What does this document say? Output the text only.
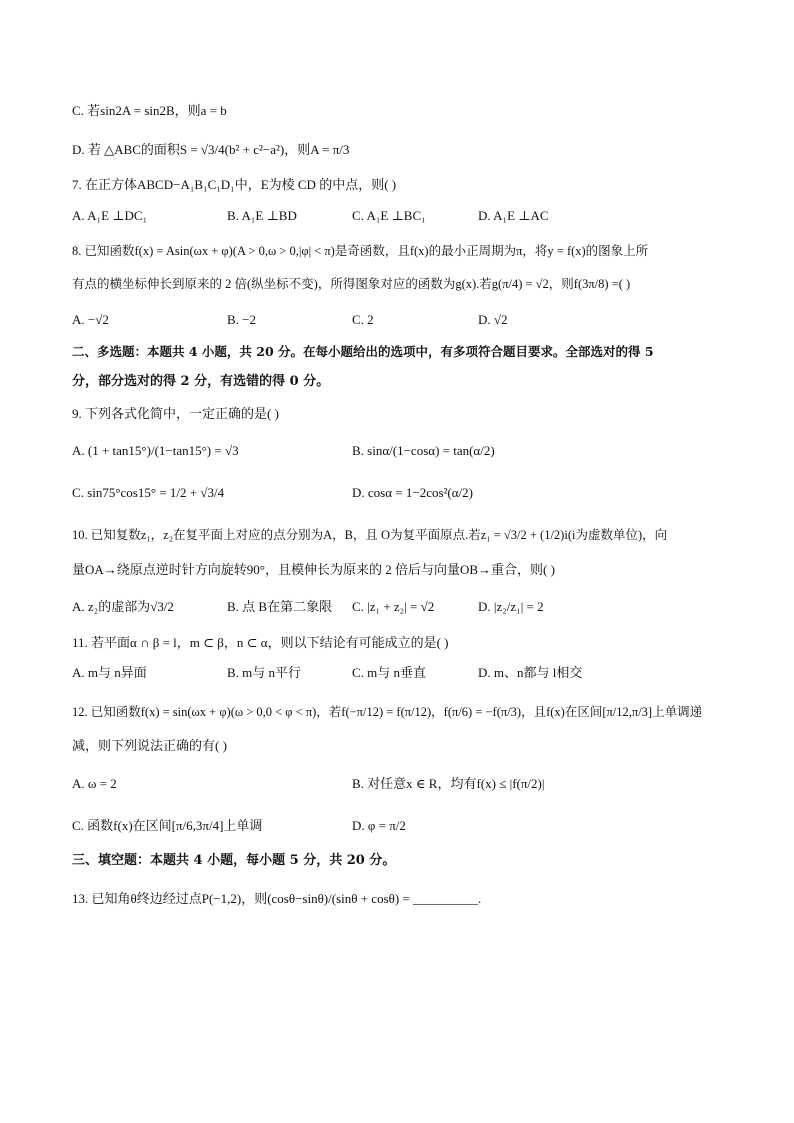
C. 若sin2A = sin2B，则a = b
D. 若 △ABC的面积S = √3/4(b² + c²−a²)，则A = π/3
7. 在正方体ABCD−A₁B₁C₁D₁中，E为棱 CD 的中点，则( )
A. A₁E ⊥DC₁	B. A₁E ⊥BD	C. A₁E ⊥BC₁	D. A₁E ⊥AC
8. 已知函数f(x) = Asin(ωx + φ)(A > 0,ω > 0,|φ| < π)是奇函数，且f(x)的最小正周期为π，将y = f(x)的图象上所
有点的横坐标伸长到原来的 2 倍(纵坐标不变)，所得图象对应的函数为g(x).若g(π/4) = √2，则f(3π/8) =( )
A. −√2	B. −2	C. 2	D. √2
二、多选题：本题共 4 小题，共 20 分。在每小题给出的选项中，有多项符合题目要求。全部选对的得 5
分，部分选对的得 2 分，有选错的得 0 分。
9. 下列各式化简中，一定正确的是( )
A. (1 + tan15°)/(1−tan15°) = √3	B. sinα/(1−cosα) = tan(α/2)
C. sin75°cos15° = 1/2 + √3/4	D. cosα = 1−2cos²(α/2)
10. 已知复数z₁，z₂在复平面上对应的点分别为A，B，且 O为复平面原点.若z₁ = √3/2 + (1/2)i(i为虚数单位)，向
量OA→绕原点逆时针方向旋转90°，且模伸长为原来的 2 倍后与向量OB→重合，则( )
A. z₂的虚部为√3/2	B. 点 B在第二象限 C. |z₁ + z₂| = √2	D. |z₂/z₁| = 2
11. 若平面α ∩ β = l，m ⊂ β，n ⊂ α，则以下结论有可能成立的是( )
A. m与 n异面	B. m与 n平行	C. m与 n垂直	D. m、n都与 l相交
12. 已知函数f(x) = sin(ωx + φ)(ω > 0,0 < φ < π)，若f(−π/12) = f(π/12)，f(π/6) = −f(π/3)，且f(x)在区间[π/12,π/3]上单调递
减，则下列说法正确的有( )
A. ω = 2	B. 对任意x ∈ R，均有f(x) ≤ |f(π/2)|
C. 函数f(x)在区间[π/6,3π/4]上单调	D. φ = π/2
三、填空题：本题共 4 小题，每小题 5 分，共 20 分。
13. 已知角θ终边经过点P(−1,2)，则(cosθ−sinθ)/(sinθ + cosθ) = __________.
